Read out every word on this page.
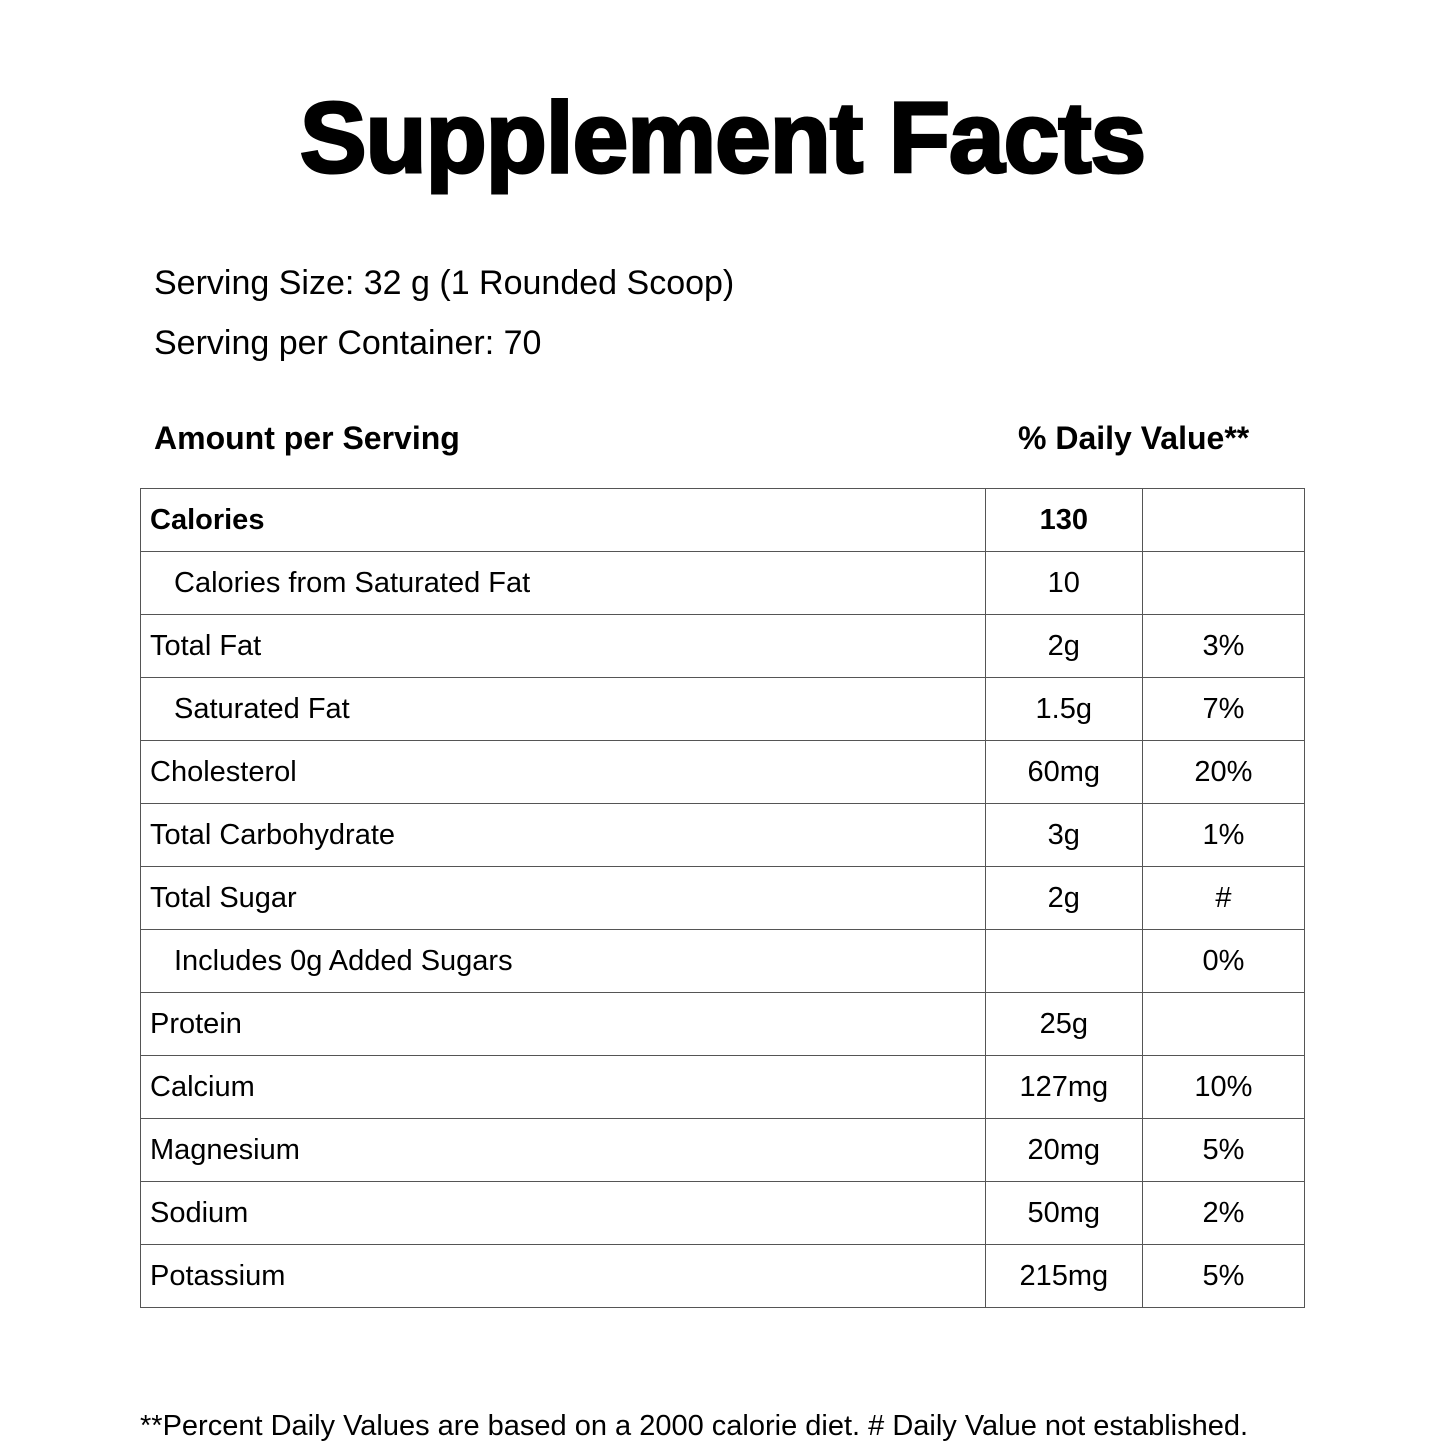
Supplement Facts
Serving Size: 32 g (1 Rounded Scoop)
Serving per Container: 70
Amount per Serving	% Daily Value**
Calories	130	
Calories from Saturated Fat	10	
Total Fat	2g	3%
Saturated Fat	1.5g	7%
Cholesterol	60mg	20%
Total Carbohydrate	3g	1%
Total Sugar	2g	#
Includes 0g Added Sugars		0%
Protein	25g	
Calcium	127mg	10%
Magnesium	20mg	5%
Sodium	50mg	2%
Potassium	215mg	5%
**Percent Daily Values are based on a 2000 calorie diet. # Daily Value not established.
